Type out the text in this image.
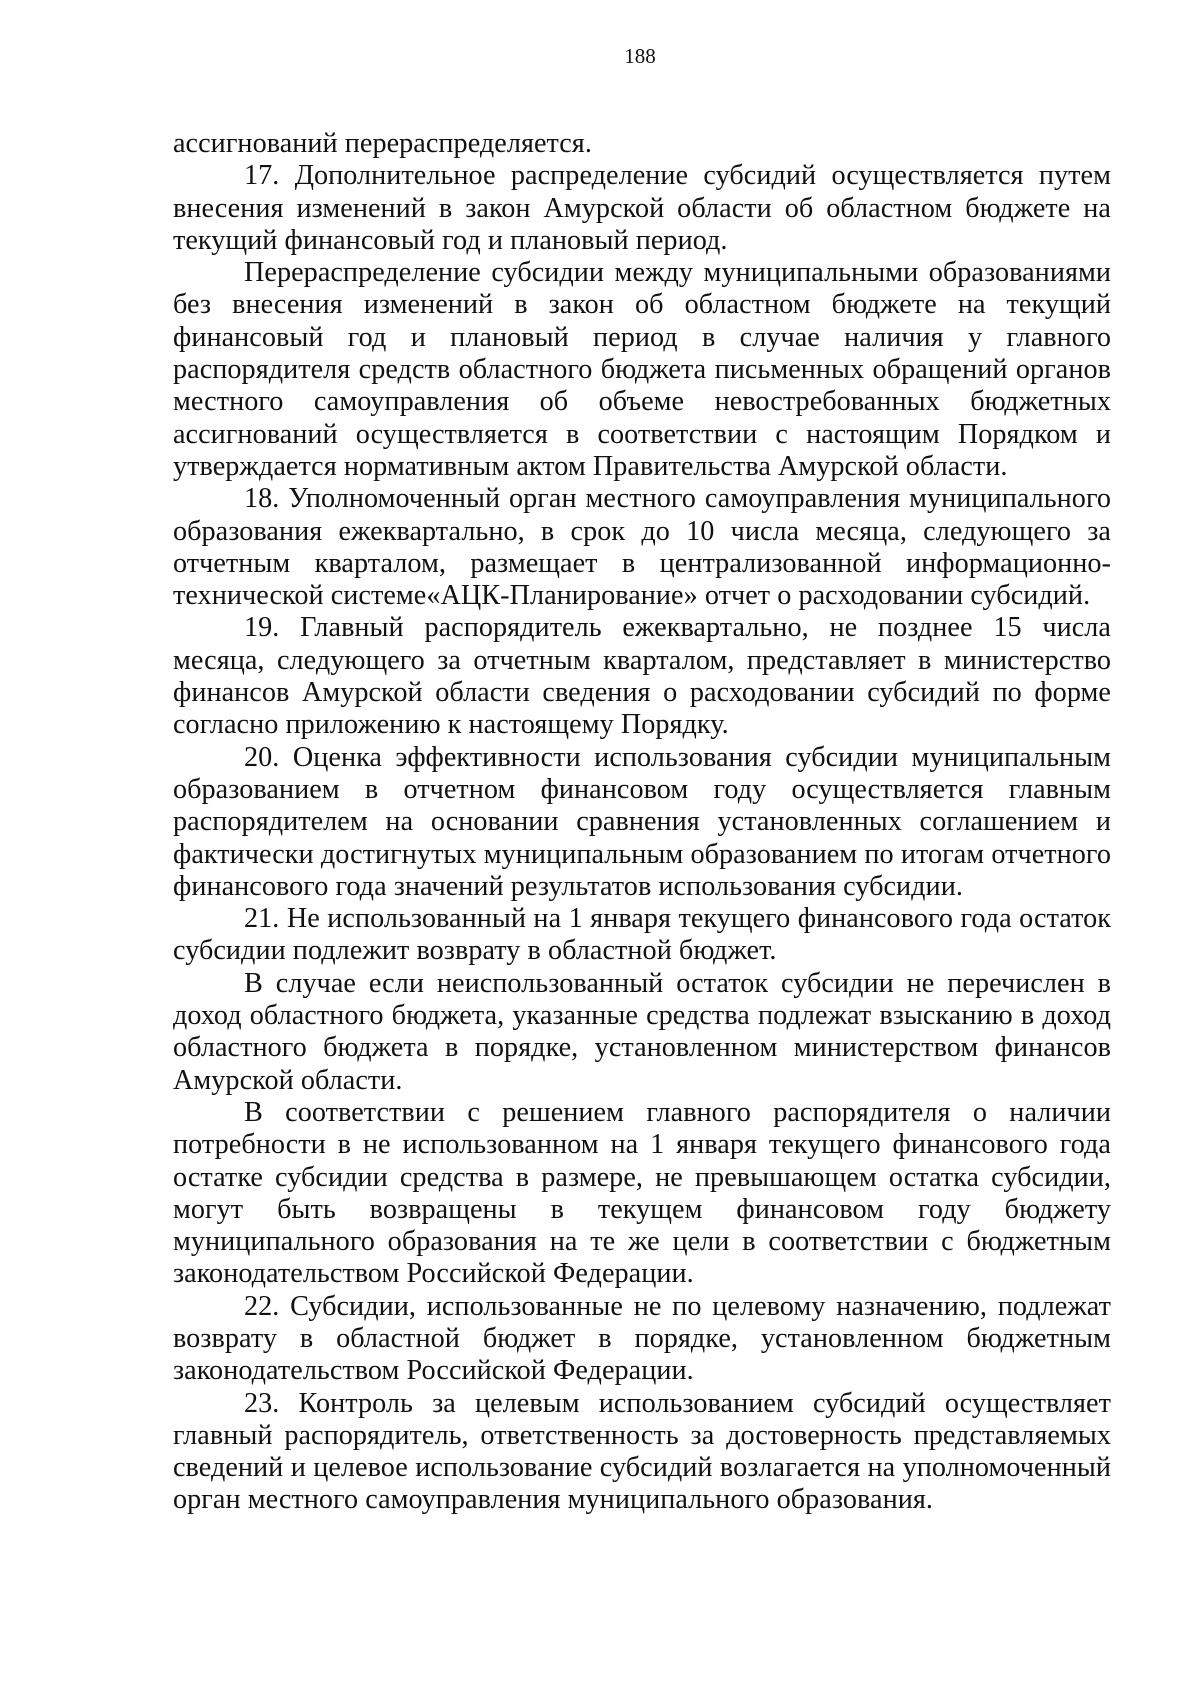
188

ассигнований перераспределяется.

17. Дополнительное распределение субсидий осуществляется путем внесения изменений в закон Амурской области об областном бюджете на текущий финансовый год и плановый период.

Перераспределение субсидии между муниципальными образованиями без внесения изменений в закон об областном бюджете на текущий финансовый год и плановый период в случае наличия у главного распорядителя средств областного бюджета письменных обращений органов местного самоуправления об объеме невостребованных бюджетных ассигнований осуществляется в соответствии с настоящим Порядком и утверждается нормативным актом Правительства Амурской области.

18. Уполномоченный орган местного самоуправления муниципального образования ежеквартально, в срок до 10 числа месяца, следующего за отчетным кварталом, размещает в централизованной информационно-технической системе«АЦК-Планирование» отчет о расходовании субсидий.

19. Главный распорядитель ежеквартально, не позднее 15 числа месяца, следующего за отчетным кварталом, представляет в министерство финансов Амурской области сведения о расходовании субсидий по форме согласно приложению к настоящему Порядку.

20. Оценка эффективности использования субсидии муниципальным образованием в отчетном финансовом году осуществляется главным распорядителем на основании сравнения установленных соглашением и фактически достигнутых муниципальным образованием по итогам отчетного финансового года значений результатов использования субсидии.

21. Не использованный на 1 января текущего финансового года остаток субсидии подлежит возврату в областной бюджет.

В случае если неиспользованный остаток субсидии не перечислен в доход областного бюджета, указанные средства подлежат взысканию в доход областного бюджета в порядке, установленном министерством финансов Амурской области.

В соответствии с решением главного распорядителя о наличии потребности в не использованном на 1 января текущего финансового года остатке субсидии средства в размере, не превышающем остатка субсидии, могут быть возвращены в текущем финансовом году бюджету муниципального образования на те же цели в соответствии с бюджетным законодательством Российской Федерации.

22. Субсидии, использованные не по целевому назначению, подлежат возврату в областной бюджет в порядке, установленном бюджетным законодательством Российской Федерации.

23. Контроль за целевым использованием субсидий осуществляет главный распорядитель, ответственность за достоверность представляемых сведений и целевое использование субсидий возлагается на уполномоченный орган местного самоуправления муниципального образования.
